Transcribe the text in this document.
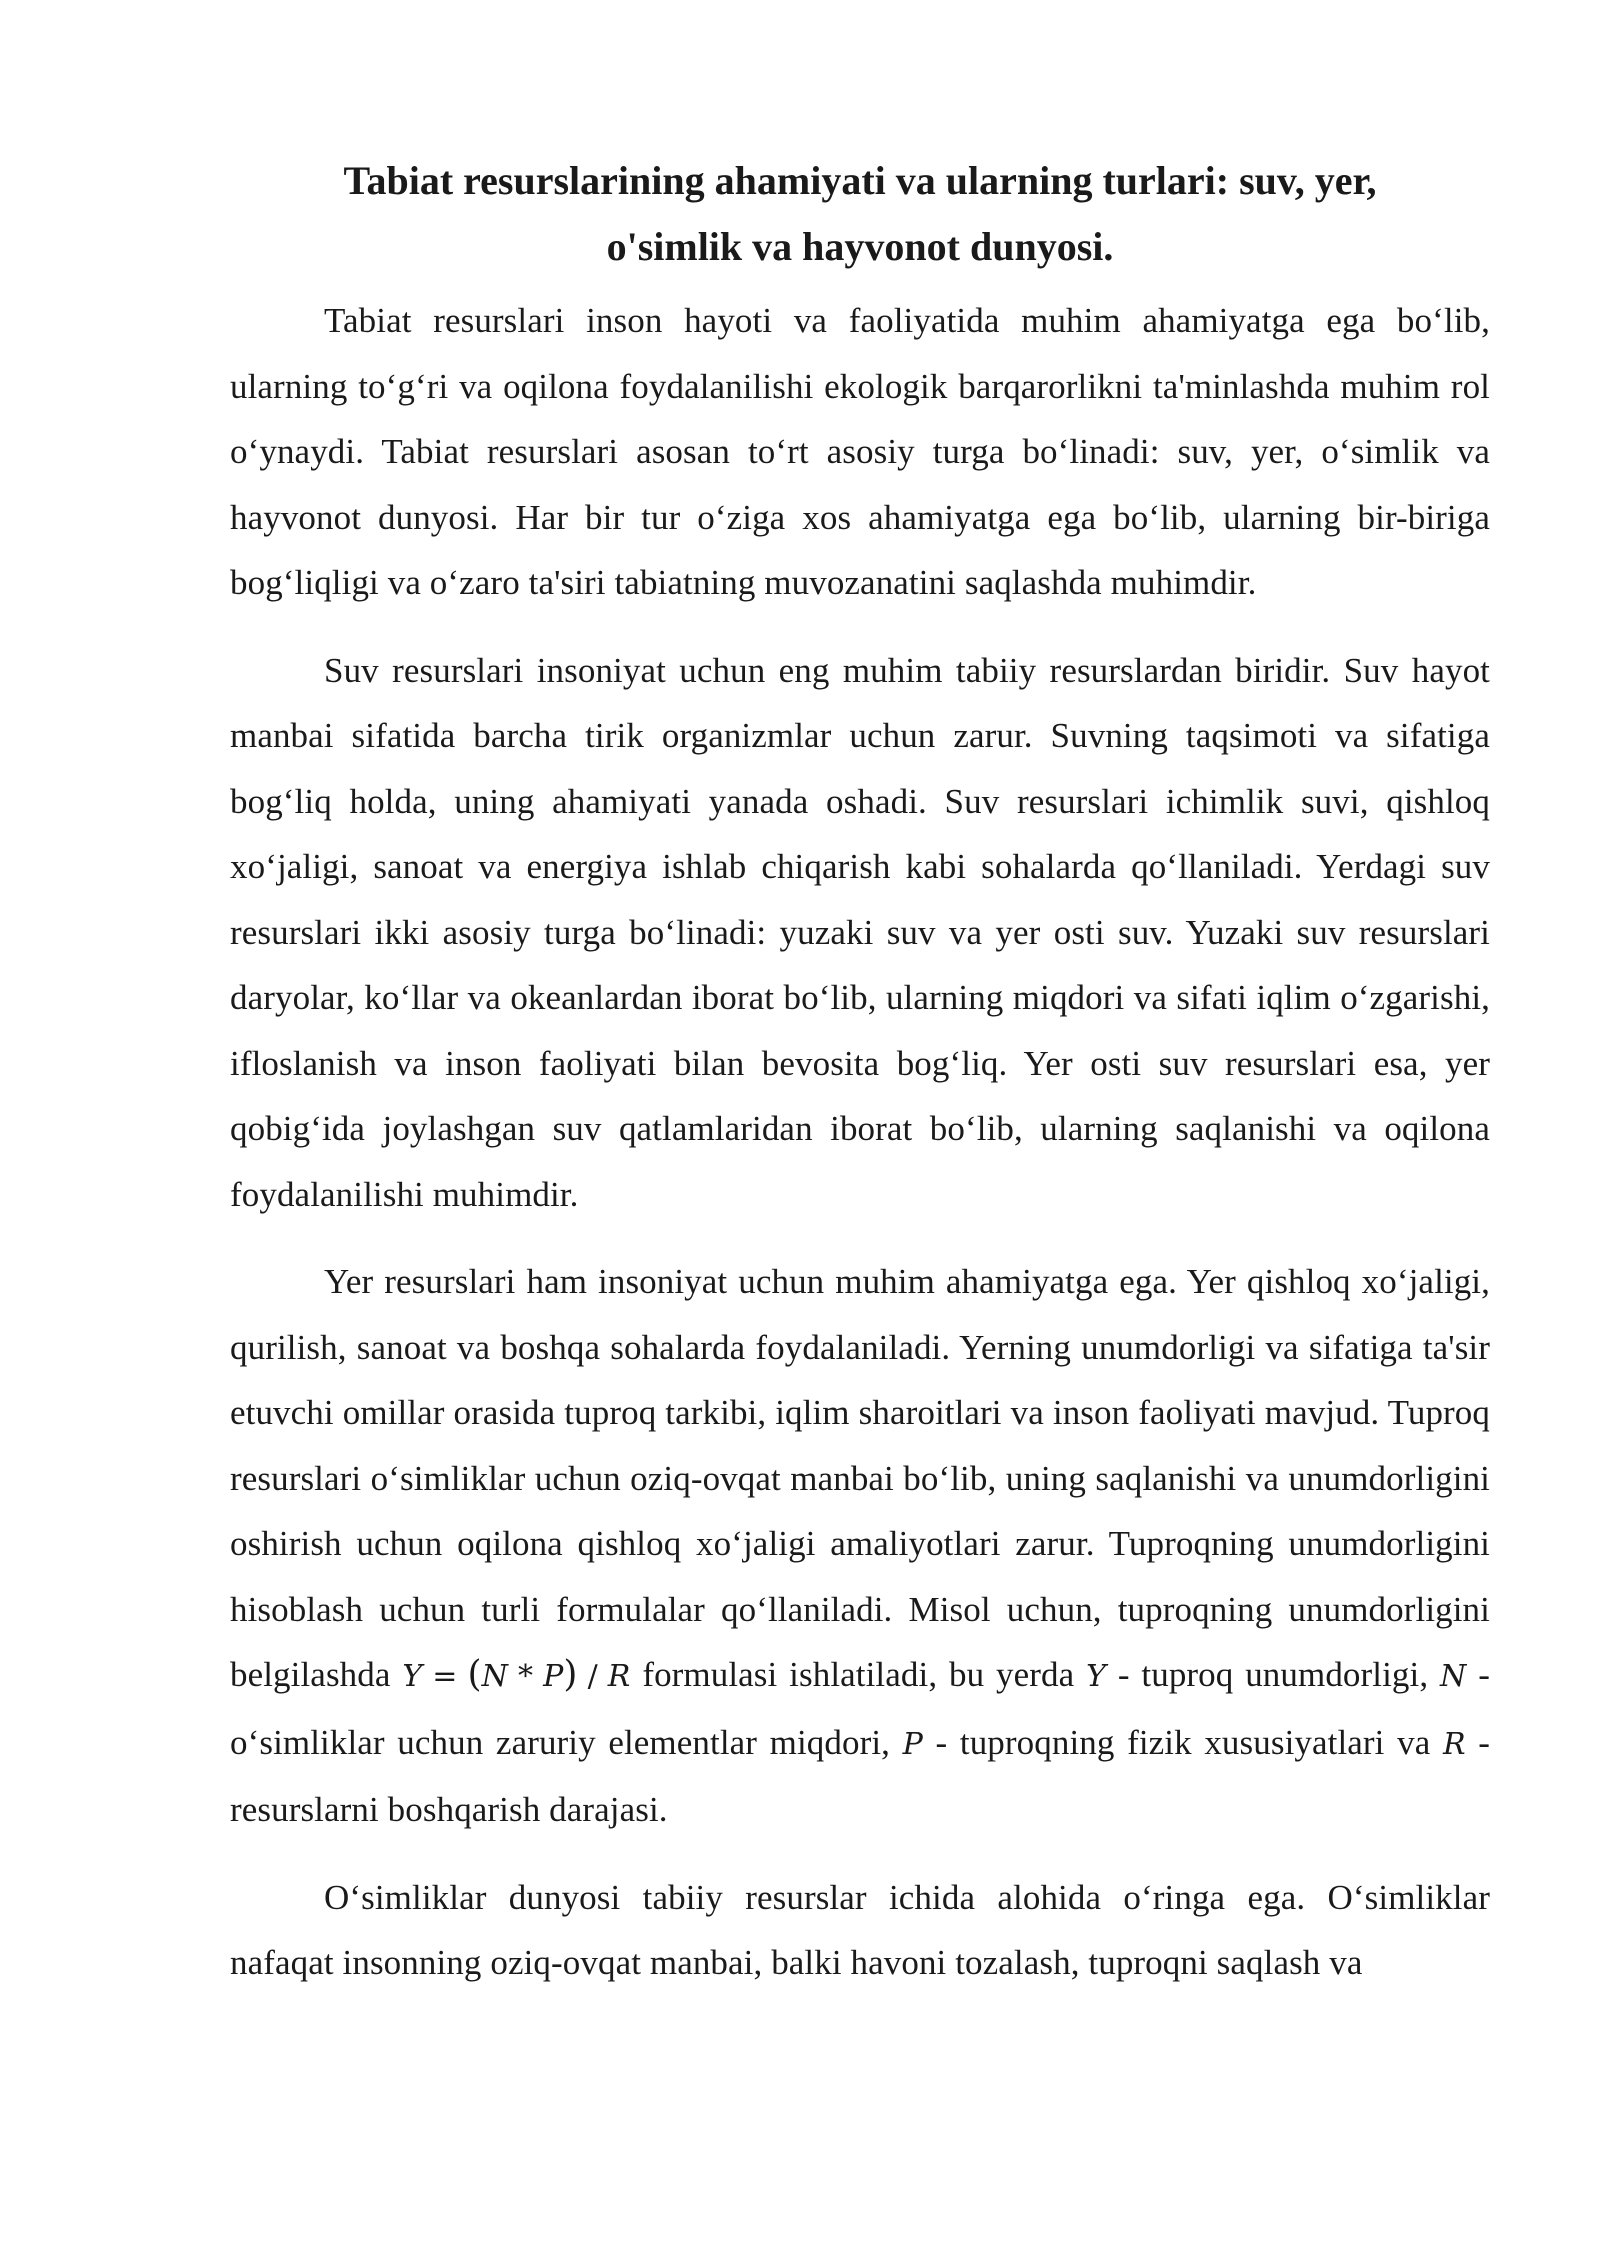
Tabiat resurslarining ahamiyati va ularning turlari: suv, yer,
o'simlik va hayvonot dunyosi.

Tabiat resurslari inson hayoti va faoliyatida muhim ahamiyatga ega bo‘lib, ularning to‘g‘ri va oqilona foydalanilishi ekologik barqarorlikni ta'minlashda muhim rol o‘ynaydi. Tabiat resurslari asosan to‘rt asosiy turga bo‘linadi: suv, yer, o‘simlik va hayvonot dunyosi. Har bir tur o‘ziga xos ahamiyatga ega bo‘lib, ularning bir-biriga bog‘liqligi va o‘zaro ta'siri tabiatning muvozanatini saqlashda muhimdir.

Suv resurslari insoniyat uchun eng muhim tabiiy resurslardan biridir. Suv hayot manbai sifatida barcha tirik organizmlar uchun zarur. Suvning taqsimoti va sifatiga bog‘liq holda, uning ahamiyati yanada oshadi. Suv resurslari ichimlik suvi, qishloq xo‘jaligi, sanoat va energiya ishlab chiqarish kabi sohalarda qo‘llaniladi. Yerdagi suv resurslari ikki asosiy turga bo‘linadi: yuzaki suv va yer osti suv. Yuzaki suv resurslari daryolar, ko‘llar va okeanlardan iborat bo‘lib, ularning miqdori va sifati iqlim o‘zgarishi, ifloslanish va inson faoliyati bilan bevosita bog‘liq. Yer osti suv resurslari esa, yer qobig‘ida joylashgan suv qatlamlaridan iborat bo‘lib, ularning saqlanishi va oqilona foydalanilishi muhimdir.

Yer resurslari ham insoniyat uchun muhim ahamiyatga ega. Yer qishloq xo‘jaligi, qurilish, sanoat va boshqa sohalarda foydalaniladi. Yerning unumdorligi va sifatiga ta'sir etuvchi omillar orasida tuproq tarkibi, iqlim sharoitlari va inson faoliyati mavjud. Tuproq resurslari o‘simliklar uchun oziq-ovqat manbai bo‘lib, uning saqlanishi va unumdorligini oshirish uchun oqilona qishloq xo‘jaligi amaliyotlari zarur. Tuproqning unumdorligini hisoblash uchun turli formulalar qo‘llaniladi. Misol uchun, tuproqning unumdorligini belgilashda Y = (N * P) / R formulasi ishlatiladi, bu yerda Y - tuproq unumdorligi, N - o‘simliklar uchun zaruriy elementlar miqdori, P - tuproqning fizik xususiyatlari va R - resurslarni boshqarish darajasi.

O‘simliklar dunyosi tabiiy resurslar ichida alohida o‘ringa ega. O‘simliklar nafaqat insonning oziq-ovqat manbai, balki havoni tozalash, tuproqni saqlash va
